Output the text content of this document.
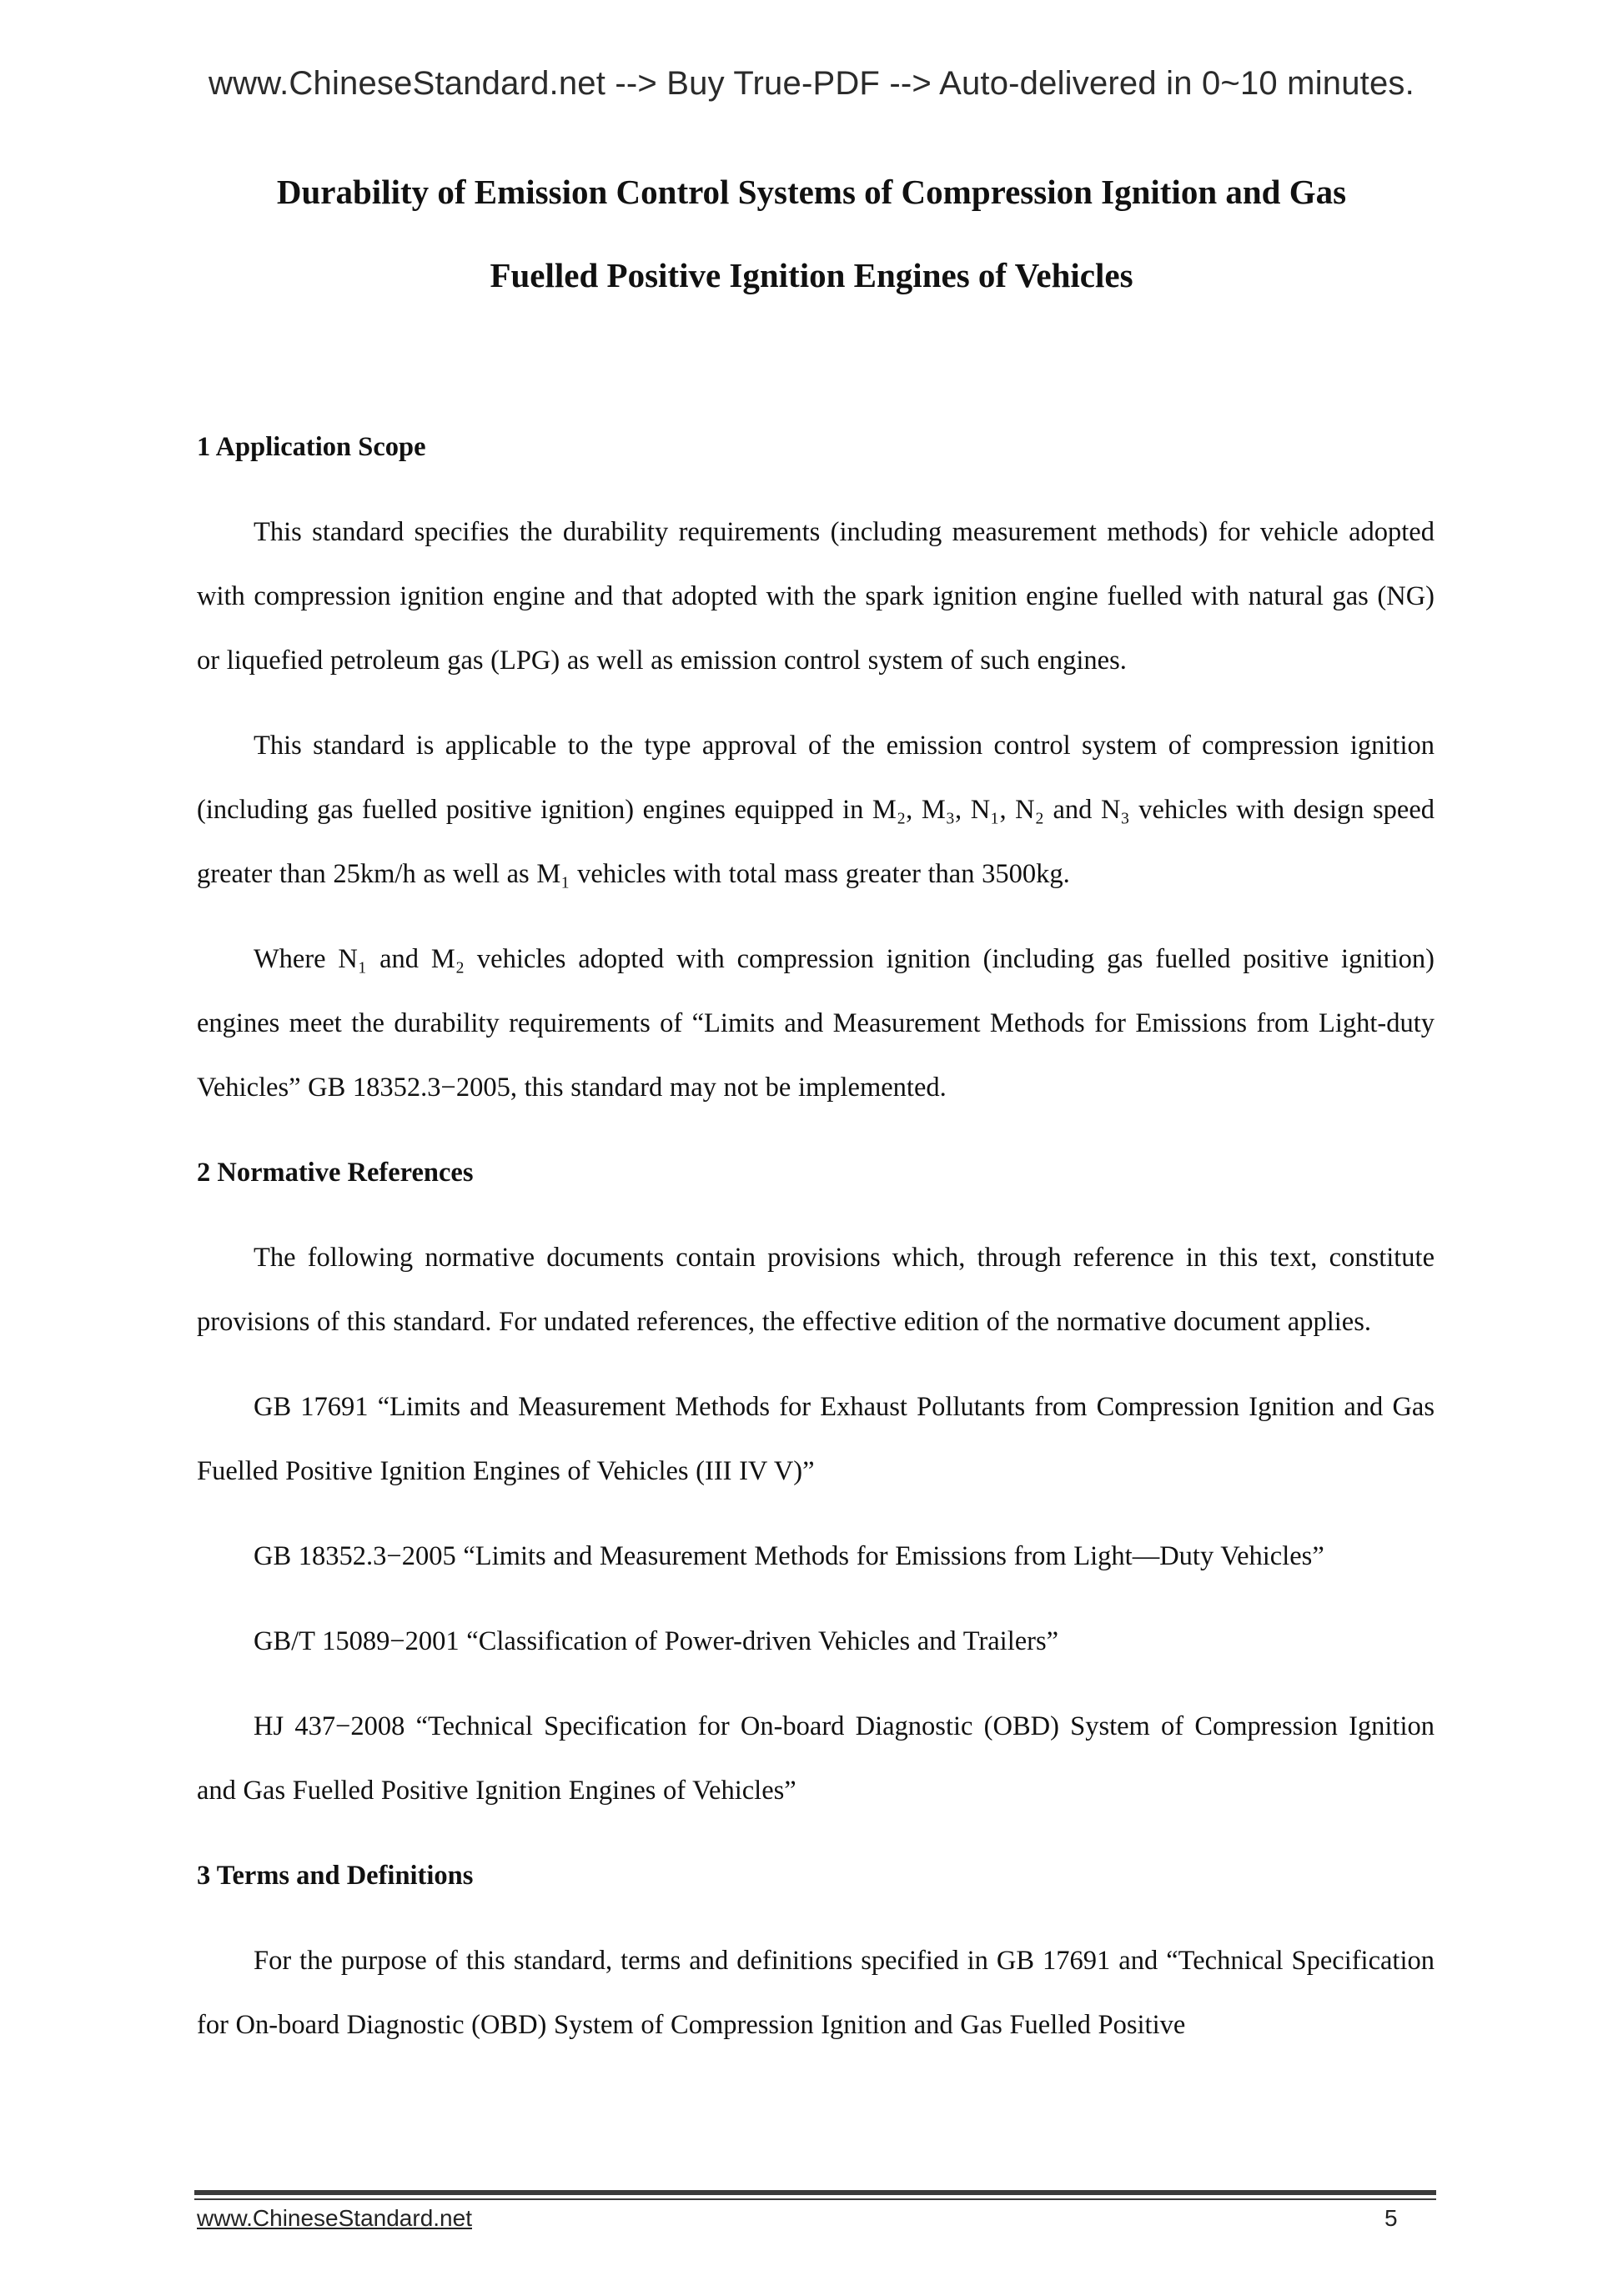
www.ChineseStandard.net --> Buy True-PDF --> Auto-delivered in 0~10 minutes.
Durability of Emission Control Systems of Compression Ignition and Gas
Fuelled Positive Ignition Engines of Vehicles
1 Application Scope

This standard specifies the durability requirements (including measurement methods) for vehicle adopted with compression ignition engine and that adopted with the spark ignition engine fuelled with natural gas (NG) or liquefied petroleum gas (LPG) as well as emission control system of such engines.

This standard is applicable to the type approval of the emission control system of compression ignition (including gas fuelled positive ignition) engines equipped in M₂, M₃, N₁, N₂ and N₃ vehicles with design speed greater than 25km/h as well as M₁ vehicles with total mass greater than 3500kg.

Where N₁ and M₂ vehicles adopted with compression ignition (including gas fuelled positive ignition) engines meet the durability requirements of “Limits and Measurement Methods for Emissions from Light-duty Vehicles” GB 18352.3−2005, this standard may not be implemented.

2 Normative References

The following normative documents contain provisions which, through reference in this text, constitute provisions of this standard. For undated references, the effective edition of the normative document applies.

GB 17691 “Limits and Measurement Methods for Exhaust Pollutants from Compression Ignition and Gas Fuelled Positive Ignition Engines of Vehicles (III IV V)”

GB 18352.3−2005 “Limits and Measurement Methods for Emissions from Light—Duty Vehicles”

GB/T 15089−2001 “Classification of Power-driven Vehicles and Trailers”

HJ 437−2008 “Technical Specification for On-board Diagnostic (OBD) System of Compression Ignition and Gas Fuelled Positive Ignition Engines of Vehicles”

3 Terms and Definitions

For the purpose of this standard, terms and definitions specified in GB 17691 and “Technical Specification for On-board Diagnostic (OBD) System of Compression Ignition and Gas Fuelled Positive

www.ChineseStandard.net	5
